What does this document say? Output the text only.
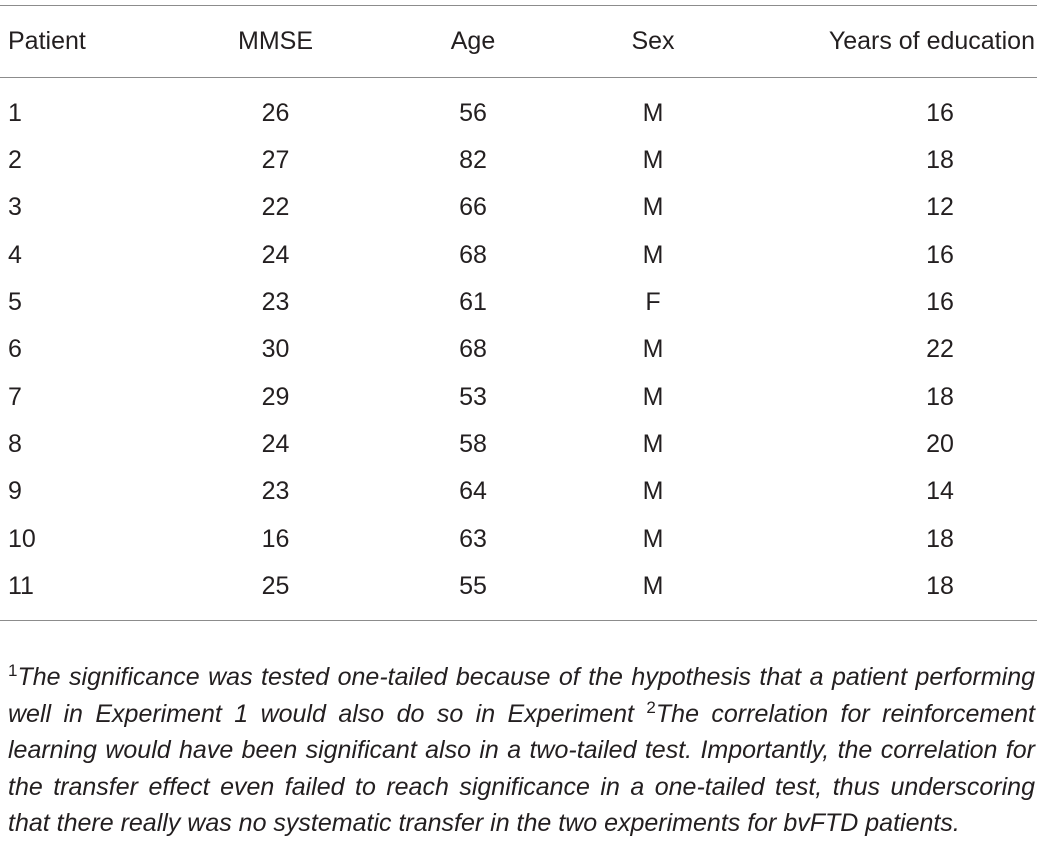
Patient	MMSE	Age	Sex	Years of education
1	26	56	M	16
2	27	82	M	18
3	22	66	M	12
4	24	68	M	16
5	23	61	F	16
6	30	68	M	22
7	29	53	M	18
8	24	58	M	20
9	23	64	M	14
10	16	63	M	18
11	25	55	M	18

$^1$The significance was tested one-tailed because of the hypothesis that a patient performing well in Experiment 1 would also do so in Experiment $^2$The correlation for reinforcement learning would have been significant also in a two-tailed test. Importantly, the correlation for the transfer effect even failed to reach significance in a one-tailed test, thus underscoring that there really was no systematic transfer in the two experiments for bvFTD patients.
